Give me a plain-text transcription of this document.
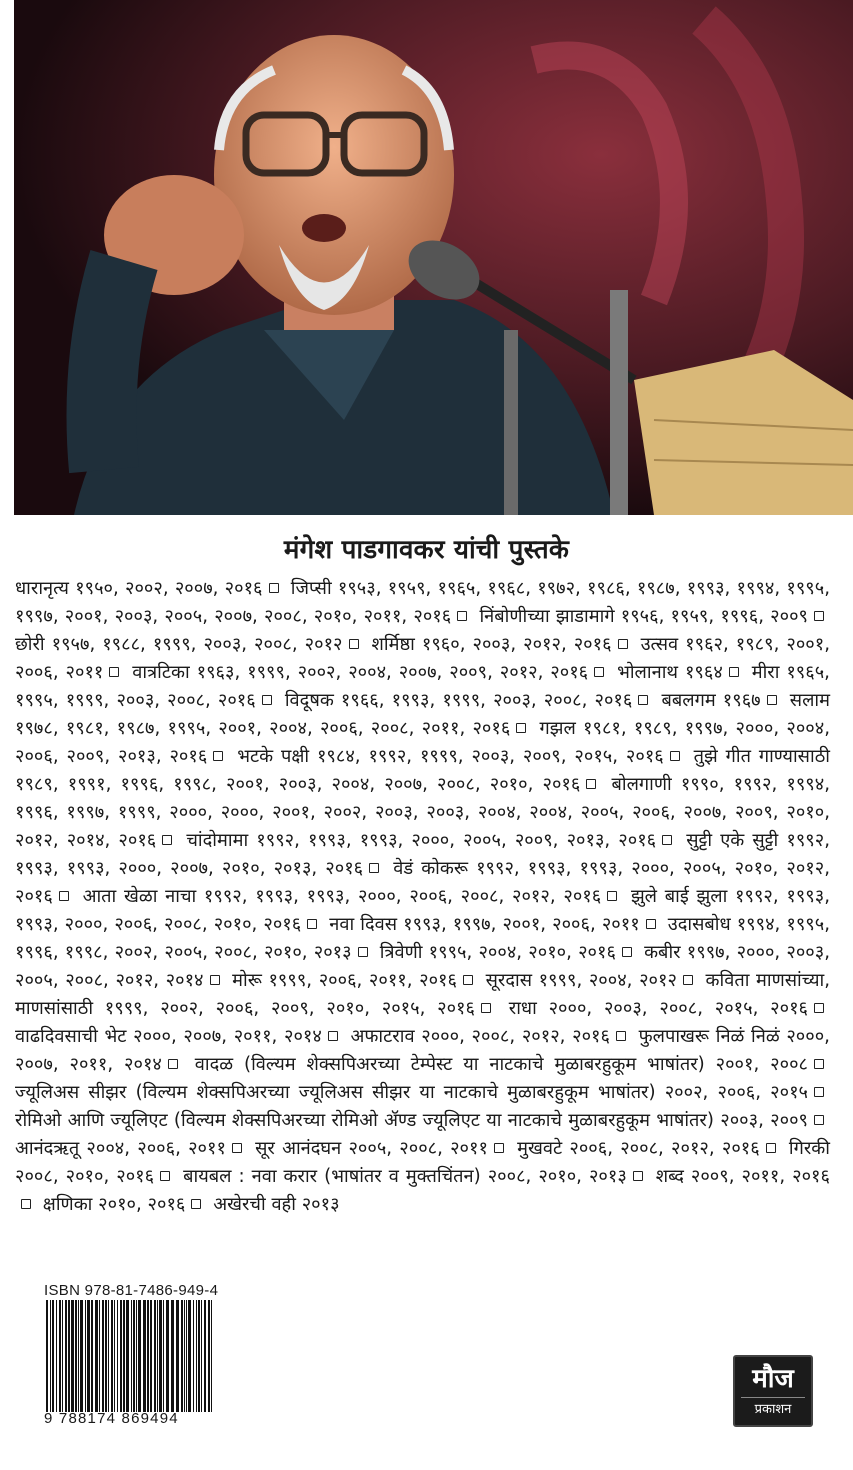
मंगेश पाडगावकर यांची पुस्तके
धारानृत्य १९५०, २००२, २००७, २०१६ जिप्सी १९५३, १९५९, १९६५, १९६८, १९७२, १९८६, १९८७, १९९३, १९९४, १९९५, १९९७, २००१, २००३, २००५, २००७, २००८, २०१०, २०११, २०१६ निंबोणीच्या झाडामागे १९५६, १९५९, १९९६, २००९ छोरी १९५७, १९८८, १९९९, २००३, २००८, २०१२ शर्मिष्ठा १९६०, २००३, २०१२, २०१६ उत्सव १९६२, १९८९, २००१, २००६, २०११ वात्रटिका १९६३, १९९९, २००२, २००४, २००७, २००९, २०१२, २०१६ भोलानाथ १९६४ मीरा १९६५, १९९५, १९९९, २००३, २००८, २०१६ विदूषक १९६६, १९९३, १९९९, २००३, २००८, २०१६ बबलगम १९६७ सलाम १९७८, १९८१, १९८७, १९९५, २००१, २००४, २००६, २००८, २०११, २०१६ गझल १९८१, १९८९, १९९७, २०००, २००४, २००६, २००९, २०१३, २०१६ भटके पक्षी १९८४, १९९२, १९९९, २००३, २००९, २०१५, २०१६ तुझे गीत गाण्यासाठी १९८९, १९९१, १९९६, १९९८, २००१, २००३, २००४, २००७, २००८, २०१०, २०१६ बोलगाणी १९९०, १९९२, १९९४, १९९६, १९९७, १९९९, २०००, २०००, २००१, २००२, २००३, २००३, २००४, २००४, २००५, २००६, २००७, २००९, २०१०, २०१२, २०१४, २०१६ चांदोमामा १९९२, १९९३, १९९३, २०००, २००५, २००९, २०१३, २०१६ सुट्टी एके सुट्टी १९९२, १९९३, १९९३, २०००, २००७, २०१०, २०१३, २०१६ वेडं कोकरू १९९२, १९९३, १९९३, २०००, २००५, २०१०, २०१२, २०१६ आता खेळा नाचा १९९२, १९९३, १९९३, २०००, २००६, २००८, २०१२, २०१६ झुले बाई झुला १९९२, १९९३, १९९३, २०००, २००६, २००८, २०१०, २०१६ नवा दिवस १९९३, १९९७, २००१, २००६, २०११ उदासबोध १९९४, १९९५, १९९६, १९९८, २००२, २००५, २००८, २०१०, २०१३ त्रिवेणी १९९५, २००४, २०१०, २०१६ कबीर १९९७, २०००, २००३, २००५, २००८, २०१२, २०१४ मोरू १९९९, २००६, २०११, २०१६ सूरदास १९९९, २००४, २०१२ कविता माणसांच्या, माणसांसाठी १९९९, २००२, २००६, २००९, २०१०, २०१५, २०१६ राधा २०००, २००३, २००८, २०१५, २०१६ वाढदिवसाची भेट २०००, २००७, २०११, २०१४ अफाटराव २०००, २००८, २०१२, २०१६ फुलपाखरू निळं निळं २०००, २००७, २०११, २०१४ वादळ (विल्यम शेक्सपिअरच्या टेम्पेस्ट या नाटकाचे मुळाबरहुकूम भाषांतर) २००१, २००८ ज्यूलिअस सीझर (विल्यम शेक्सपिअरच्या ज्यूलिअस सीझर या नाटकाचे मुळाबरहुकूम भाषांतर) २००२, २००६, २०१५ रोमिओ आणि ज्यूलिएट (विल्यम शेक्सपिअरच्या रोमिओ ॲण्ड ज्यूलिएट या नाटकाचे मुळाबरहुकूम भाषांतर) २००३, २००९ आनंदऋतू २००४, २००६, २०११ सूर आनंदघन २००५, २००८, २०११ मुखवटे २००६, २००८, २०१२, २०१६ गिरकी २००८, २०१०, २०१६ बायबल : नवा करार (भाषांतर व मुक्तचिंतन) २००८, २०१०, २०१३ शब्द २००९, २०११, २०१६ क्षणिका २०१०, २०१६ अखेरची वही २०१३
ISBN 978-81-7486-949-4
9 788174 869494
मौज
प्रकाशन
